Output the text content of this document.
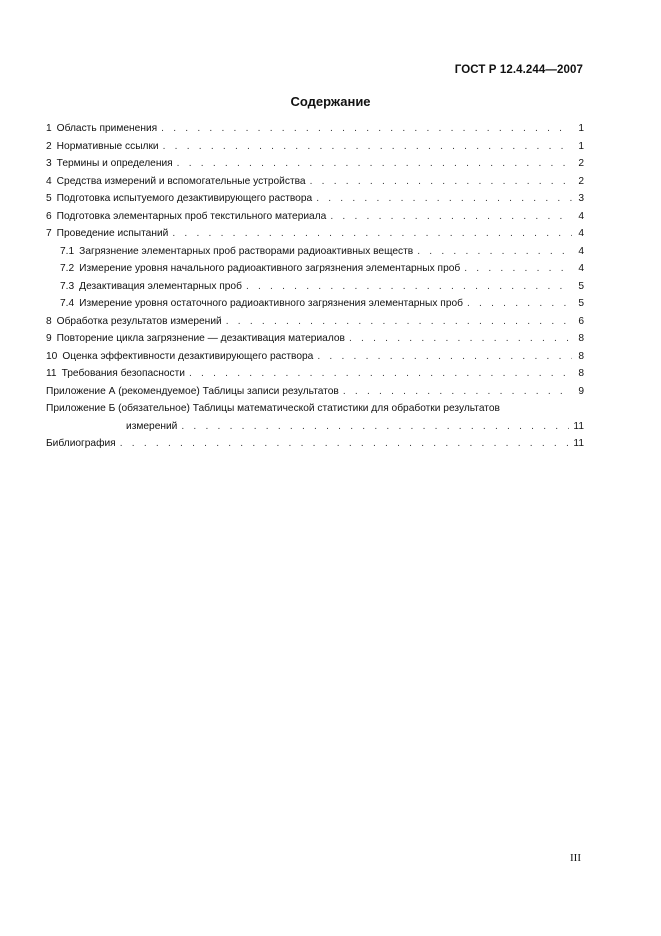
ГОСТ Р 12.4.244—2007
Содержание
1 Область применения . . .	1
2 Нормативные ссылки . . .	1
3 Термины и определения . . .	2
4 Средства измерений и вспомогательные устройства . . .	2
5 Подготовка испытуемого дезактивирующего раствора . . .	3
6 Подготовка элементарных проб текстильного материала . . .	4
7 Проведение испытаний . . .	4
7.1 Загрязнение элементарных проб растворами радиоактивных веществ . . .	4
7.2 Измерение уровня начального радиоактивного загрязнения элементарных проб . . .	4
7.3 Дезактивация элементарных проб . . .	5
7.4 Измерение уровня остаточного радиоактивного загрязнения элементарных проб . . .	5
8 Обработка результатов измерений . . .	6
9 Повторение цикла загрязнение — дезактивация материалов . . .	8
10 Оценка эффективности дезактивирующего раствора . . .	8
11 Требования безопасности . . .	8
Приложение А (рекомендуемое) Таблицы записи результатов . . .	9
Приложение Б (обязательное) Таблицы математической статистики для обработки результатов
измерений . . .	11
Библиография . . .	11
III
